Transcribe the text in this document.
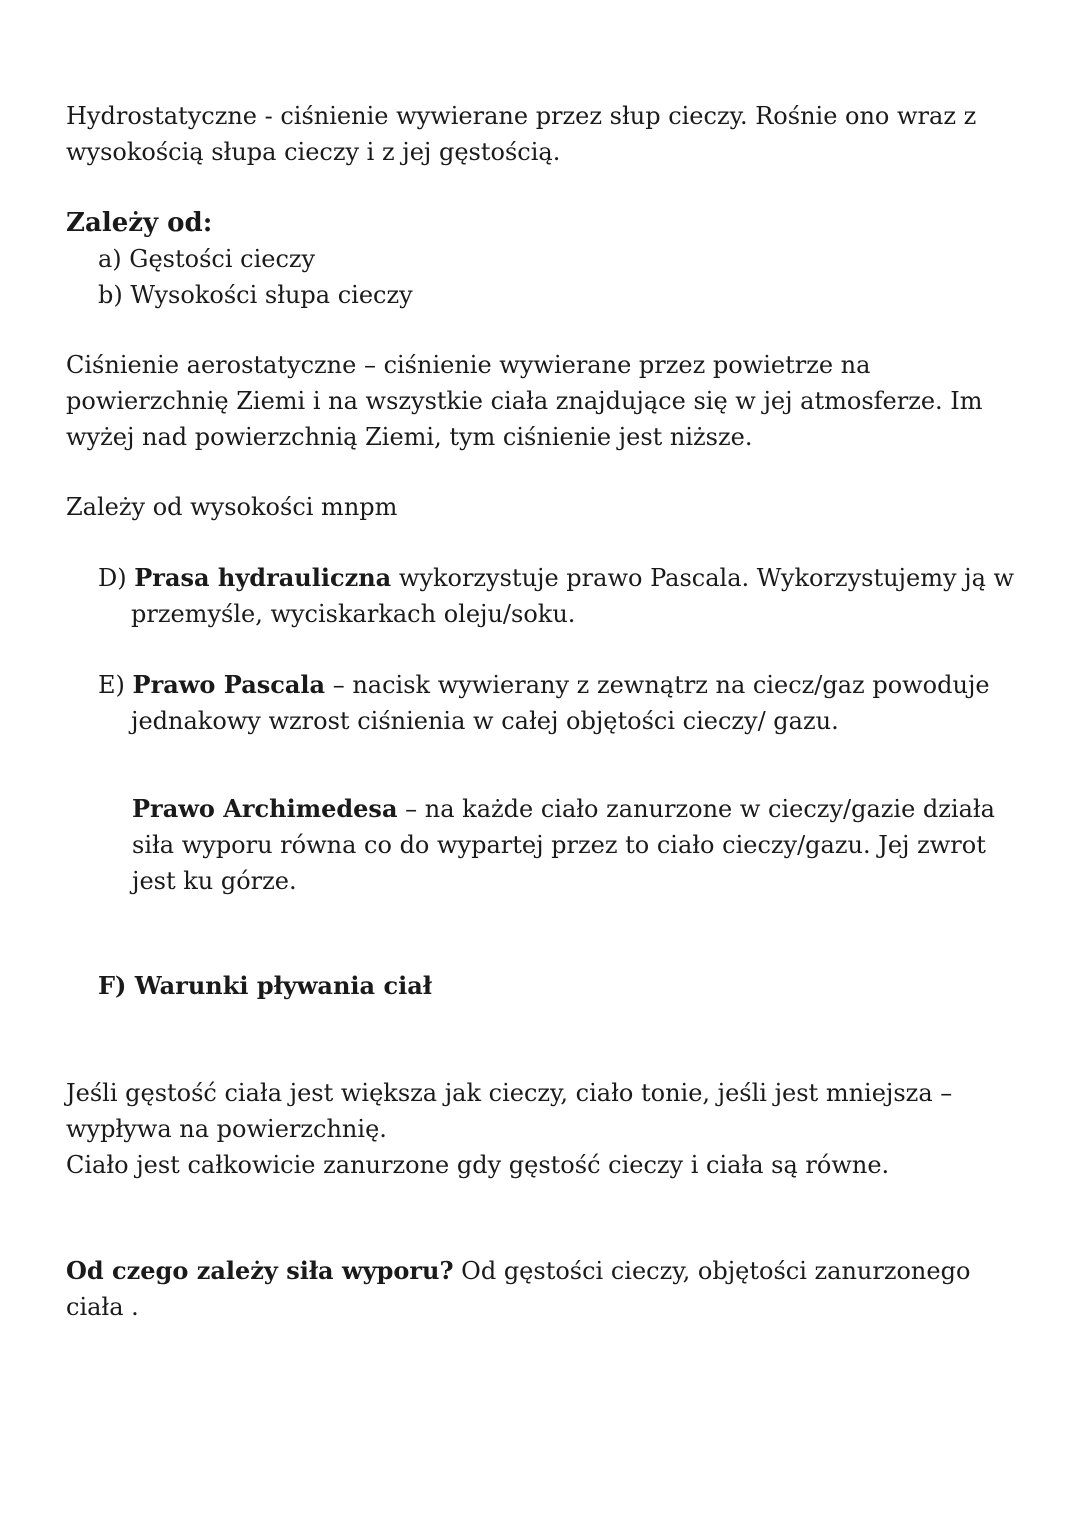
Hydrostatyczne - ciśnienie wywierane przez słup cieczy. Rośnie ono wraz z wysokością słupa cieczy i z jej gęstością.

Zależy od:

a) Gęstości cieczy
b) Wysokości słupa cieczy

Ciśnienie aerostatyczne – ciśnienie wywierane przez powietrze na powierzchnię Ziemi i na wszystkie ciała znajdujące się w jej atmosferze. Im wyżej nad powierzchnią Ziemi, tym ciśnienie jest niższe.

Zależy od wysokości mnpm

D) Prasa hydrauliczna wykorzystuje prawo Pascala. Wykorzystujemy ją w przemyśle, wyciskarkach oleju/soku.
E) Prawo Pascala – nacisk wywierany z zewnątrz na ciecz/gaz powoduje jednakowy wzrost ciśnienia w całej objętości cieczy/ gazu.

Prawo Archimedesa – na każde ciało zanurzone w cieczy/gazie działa siła wyporu równa co do wypartej przez to ciało cieczy/gazu. Jej zwrot jest ku górze.

F) Warunki pływania ciał

Jeśli gęstość ciała jest większa jak cieczy, ciało tonie, jeśli jest mniejsza – wypływa na powierzchnię.
Ciało jest całkowicie zanurzone gdy gęstość cieczy i ciała są równe.

Od czego zależy siła wyporu? Od gęstości cieczy, objętości zanurzonego ciała .
